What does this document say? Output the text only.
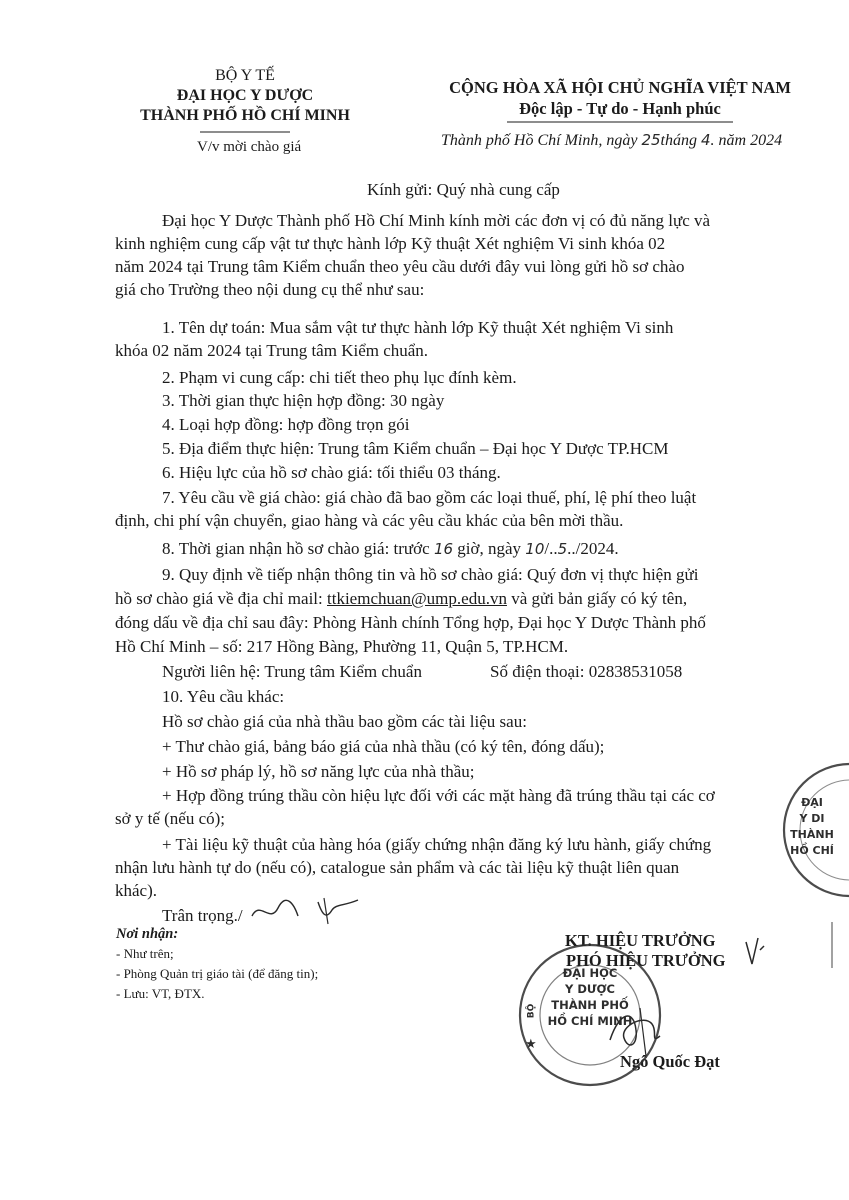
BỘ Y TẾ
ĐẠI HỌC Y DƯỢC
THÀNH PHỐ HỒ CHÍ MINH
V/v mời chào giá
CỘNG HÒA XÃ HỘI CHỦ NGHĨA VIỆT NAM
Độc lập - Tự do - Hạnh phúc
Thành phố Hồ Chí Minh, ngày 25tháng 4. năm 2024
Kính gửi: Quý nhà cung cấp
Đại học Y Dược Thành phố Hồ Chí Minh kính mời các đơn vị có đủ năng lực và
kinh nghiệm cung cấp vật tư thực hành lớp Kỹ thuật Xét nghiệm Vi sinh khóa 02
năm 2024 tại Trung tâm Kiểm chuẩn theo yêu cầu dưới đây vui lòng gửi hồ sơ chào
giá cho Trường theo nội dung cụ thể như sau:
1. Tên dự toán: Mua sắm vật tư thực hành lớp Kỹ thuật Xét nghiệm Vi sinh
khóa 02 năm 2024 tại Trung tâm Kiểm chuẩn.
2. Phạm vi cung cấp: chi tiết theo phụ lục đính kèm.
3. Thời gian thực hiện hợp đồng: 30 ngày
4. Loại hợp đồng: hợp đồng trọn gói
5. Địa điểm thực hiện: Trung tâm Kiểm chuẩn – Đại học Y Dược TP.HCM
6. Hiệu lực của hồ sơ chào giá: tối thiểu 03 tháng.
7. Yêu cầu về giá chào: giá chào đã bao gồm các loại thuế, phí, lệ phí theo luật
định, chi phí vận chuyển, giao hàng và các yêu cầu khác của bên mời thầu.
8. Thời gian nhận hồ sơ chào giá: trước 16 giờ, ngày 10/..5../2024.
9. Quy định về tiếp nhận thông tin và hồ sơ chào giá: Quý đơn vị thực hiện gửi
hồ sơ chào giá về địa chỉ mail: ttkiemchuan@ump.edu.vn và gửi bản giấy có ký tên,
đóng dấu về địa chỉ sau đây: Phòng Hành chính Tổng hợp, Đại học Y Dược Thành phố
Hồ Chí Minh – số: 217 Hồng Bàng, Phường 11, Quận 5, TP.HCM.
Người liên hệ: Trung tâm Kiểm chuẩn	Số điện thoại: 02838531058
10. Yêu cầu khác:
Hồ sơ chào giá của nhà thầu bao gồm các tài liệu sau:
+ Thư chào giá, bảng báo giá của nhà thầu (có ký tên, đóng dấu);
+ Hồ sơ pháp lý, hồ sơ năng lực của nhà thầu;
+ Hợp đồng trúng thầu còn hiệu lực đối với các mặt hàng đã trúng thầu tại các cơ
sở y tế (nếu có);
+ Tài liệu kỹ thuật của hàng hóa (giấy chứng nhận đăng ký lưu hành, giấy chứng
nhận lưu hành tự do (nếu có), catalogue sản phẩm và các tài liệu kỹ thuật liên quan
khác).
Trân trọng./
Nơi nhận:
- Như trên;
- Phòng Quản trị giáo tài (để đăng tin);
- Lưu: VT, ĐTX.
KT. HIỆU TRƯỞNG
PHÓ HIỆU TRƯỞNG
Ngô Quốc Đạt
★
ĐẠI HỌC
Y DƯỢC
THÀNH PHỐ
HỒ CHÍ MINH
BỘ
ĐẠI
Y DI
THÀNH
HỒ CHÍ
